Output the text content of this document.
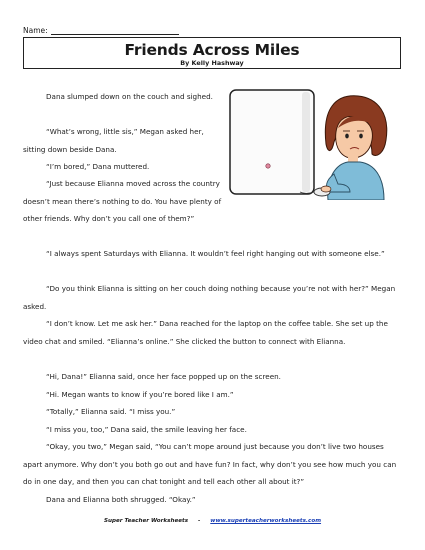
Name:
Friends Across Miles
By Kelly Hashway

Dana slumped down on the couch and sighed.

“What’s wrong, little sis,” Megan asked her, sitting down beside Dana.

“I’m bored,” Dana muttered.

“Just because Elianna moved across the country doesn’t mean there’s nothing to do. You have plenty of other friends. Why don’t you call one of them?”

“I always spent Saturdays with Elianna. It wouldn’t feel right hanging out with someone else.”

“Do you think Elianna is sitting on her couch doing nothing because you’re not with her?” Megan asked.

“I don’t know. Let me ask her.” Dana reached for the laptop on the coffee table. She set up the video chat and smiled. “Elianna’s online.” She clicked the button to connect with Elianna.

“Hi, Dana!” Elianna said, once her face popped up on the screen.

“Hi. Megan wants to know if you’re bored like I am.”

“Totally,” Elianna said. “I miss you.”

“I miss you, too,” Dana said, the smile leaving her face.

“Okay, you two,” Megan said, “You can’t mope around just because you don’t live two houses apart anymore. Why don’t you both go out and have fun? In fact, why don’t you see how much you can do in one day, and then you can chat tonight and tell each other all about it?”

Dana and Elianna both shrugged. “Okay.”

Super Teacher Worksheets - www.superteacherworksheets.com
